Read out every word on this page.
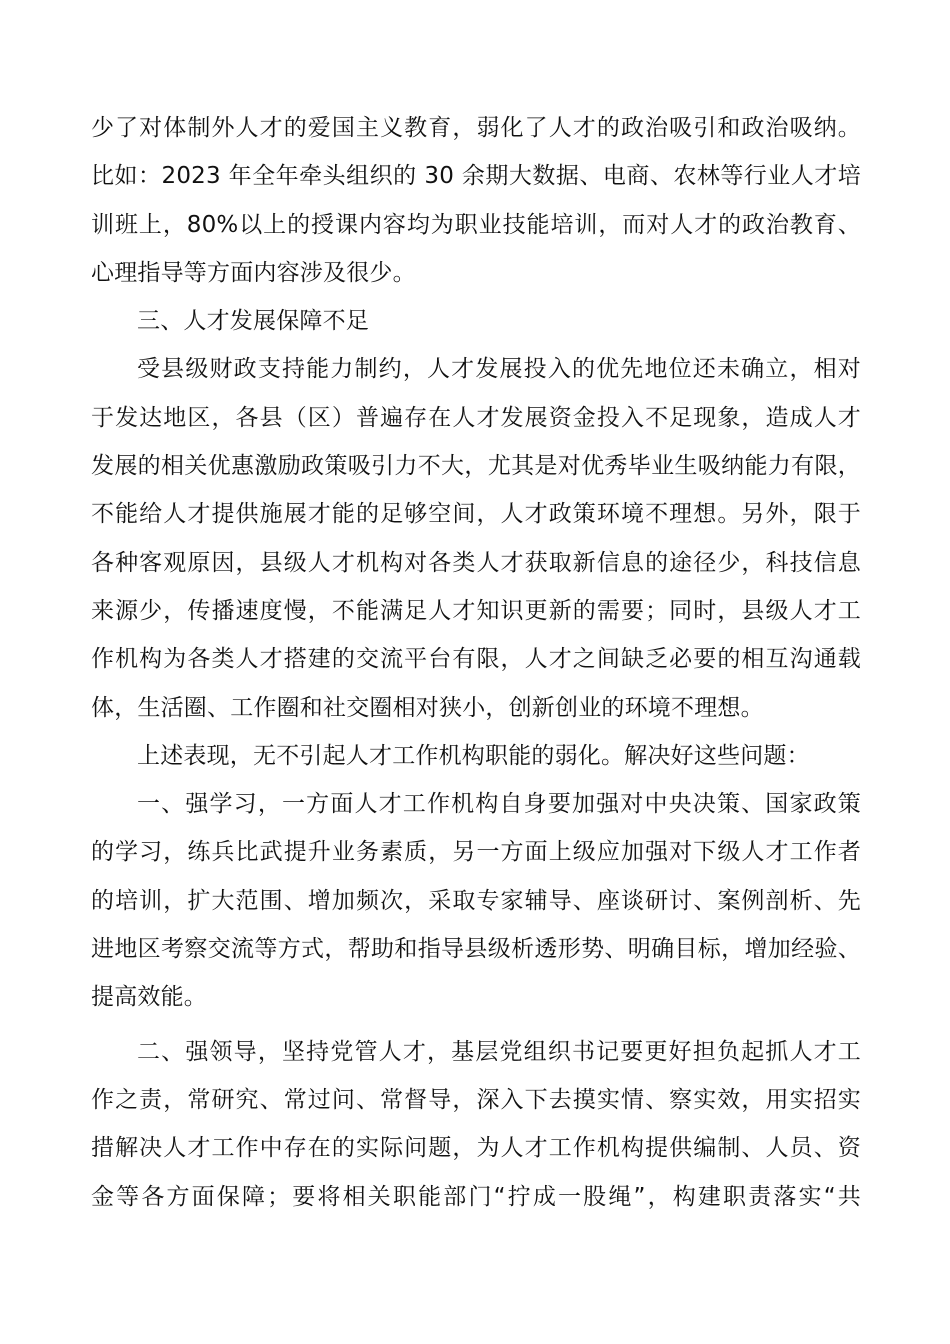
少了对体制外人才的爱国主义教育，弱化了人才的政治吸引和政治吸纳。
比如：2023 年全年牵头组织的 30 余期大数据、电商、农林等行业人才培
训班上，80%以上的授课内容均为职业技能培训，而对人才的政治教育、
心理指导等方面内容涉及很少。
三、人才发展保障不足
受县级财政支持能力制约，人才发展投入的优先地位还未确立，相对
于发达地区，各县（区）普遍存在人才发展资金投入不足现象，造成人才
发展的相关优惠激励政策吸引力不大，尤其是对优秀毕业生吸纳能力有限，
不能给人才提供施展才能的足够空间，人才政策环境不理想。另外，限于
各种客观原因，县级人才机构对各类人才获取新信息的途径少，科技信息
来源少，传播速度慢，不能满足人才知识更新的需要；同时，县级人才工
作机构为各类人才搭建的交流平台有限，人才之间缺乏必要的相互沟通载
体，生活圈、工作圈和社交圈相对狭小，创新创业的环境不理想。
上述表现，无不引起人才工作机构职能的弱化。解决好这些问题：
一、强学习，一方面人才工作机构自身要加强对中央决策、国家政策
的学习，练兵比武提升业务素质，另一方面上级应加强对下级人才工作者
的培训，扩大范围、增加频次，采取专家辅导、座谈研讨、案例剖析、先
进地区考察交流等方式，帮助和指导县级析透形势、明确目标，增加经验、
提高效能。
二、强领导，坚持党管人才，基层党组织书记要更好担负起抓人才工
作之责，常研究、常过问、常督导，深入下去摸实情、察实效，用实招实
措解决人才工作中存在的实际问题，为人才工作机构提供编制、人员、资
金等各方面保障；要将相关职能部门“拧成一股绳”，构建职责落实“共
